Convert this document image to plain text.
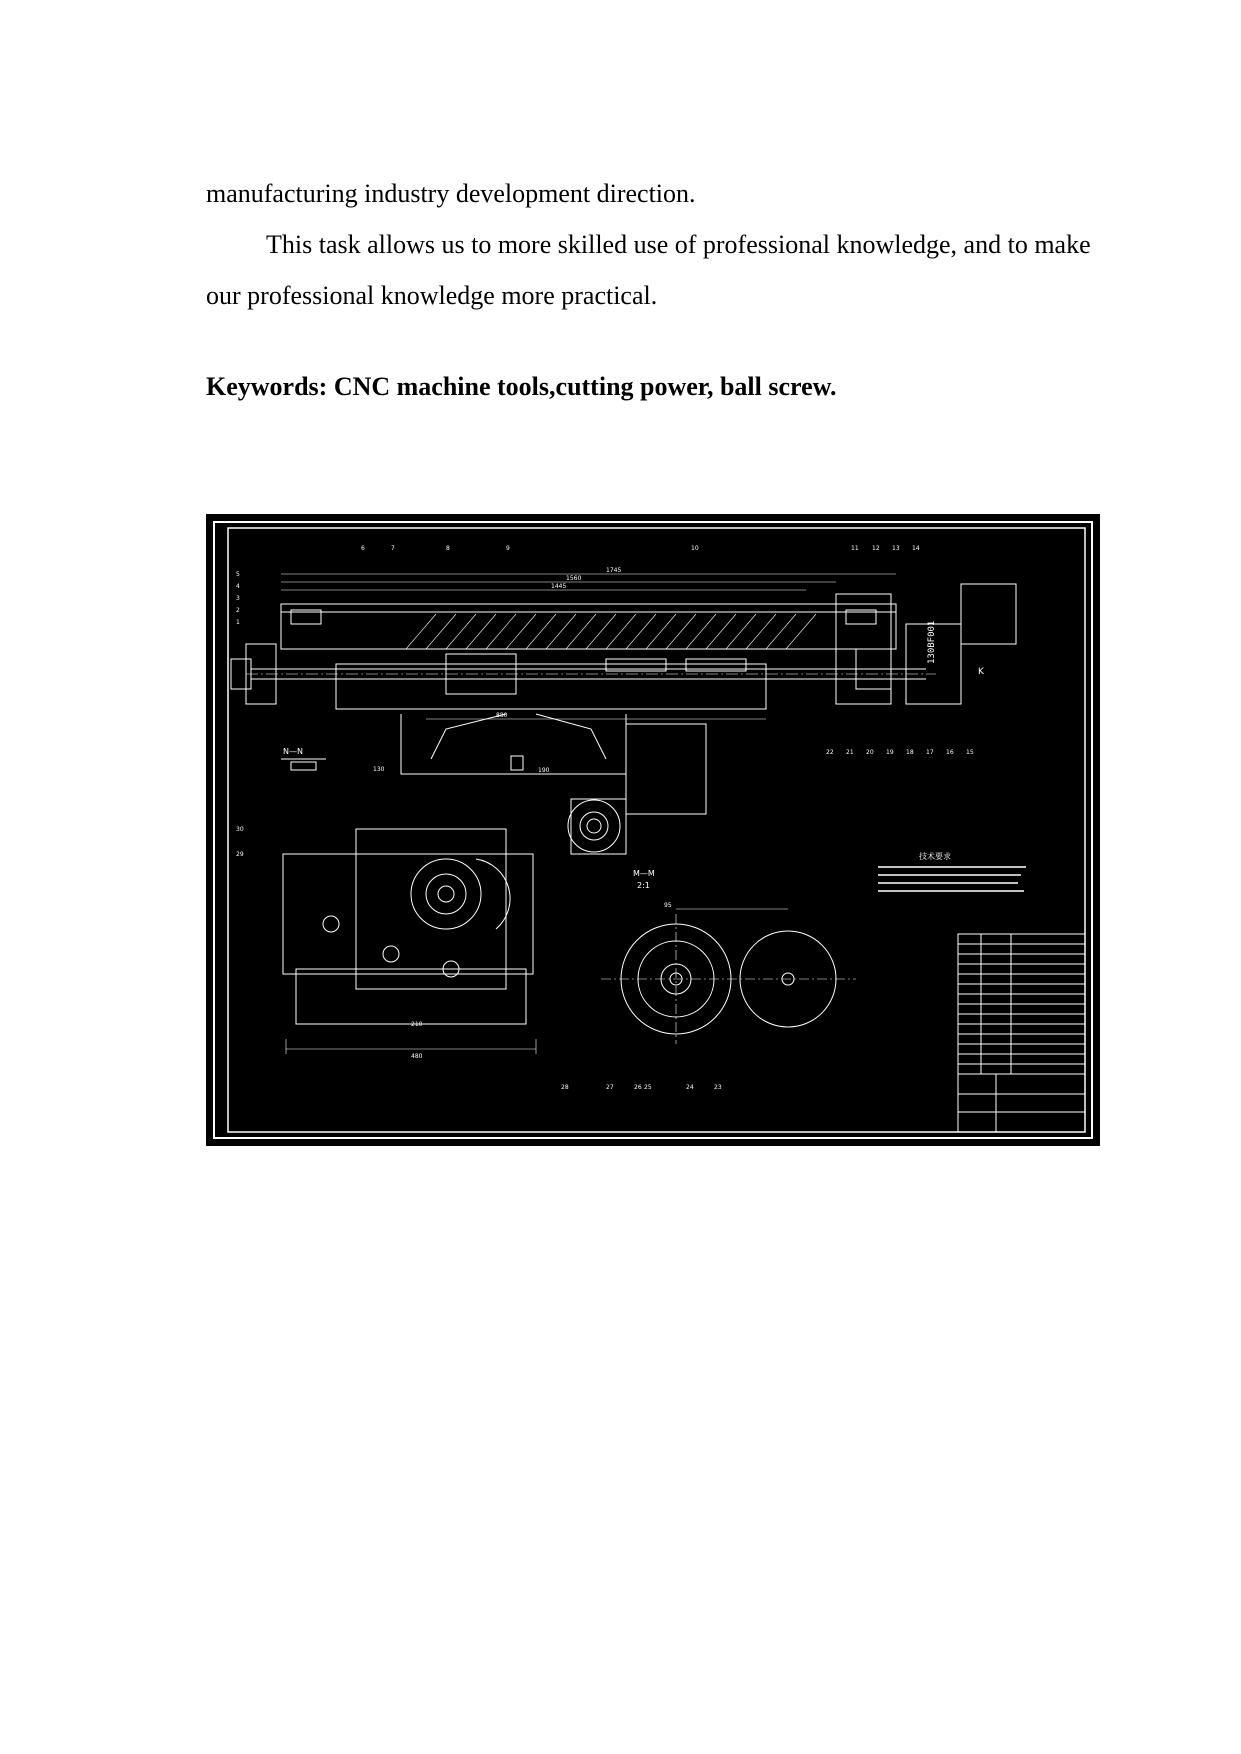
manufacturing industry development direction.

This task allows us to more skilled use of professional knowledge, and to make our professional knowledge more practical.

Keywords: CNC machine tools,cutting power, ball screw.

130BF001
K
N—N
M—M
2:1
技术要求
6	7	8	9	10	11 12 13 14
5
4
3
2
1
22 21 20 19 18 17 16 15
30
29
28	27	26 25	24	23
1745
1560
1445
880
190
130
210
480
95
